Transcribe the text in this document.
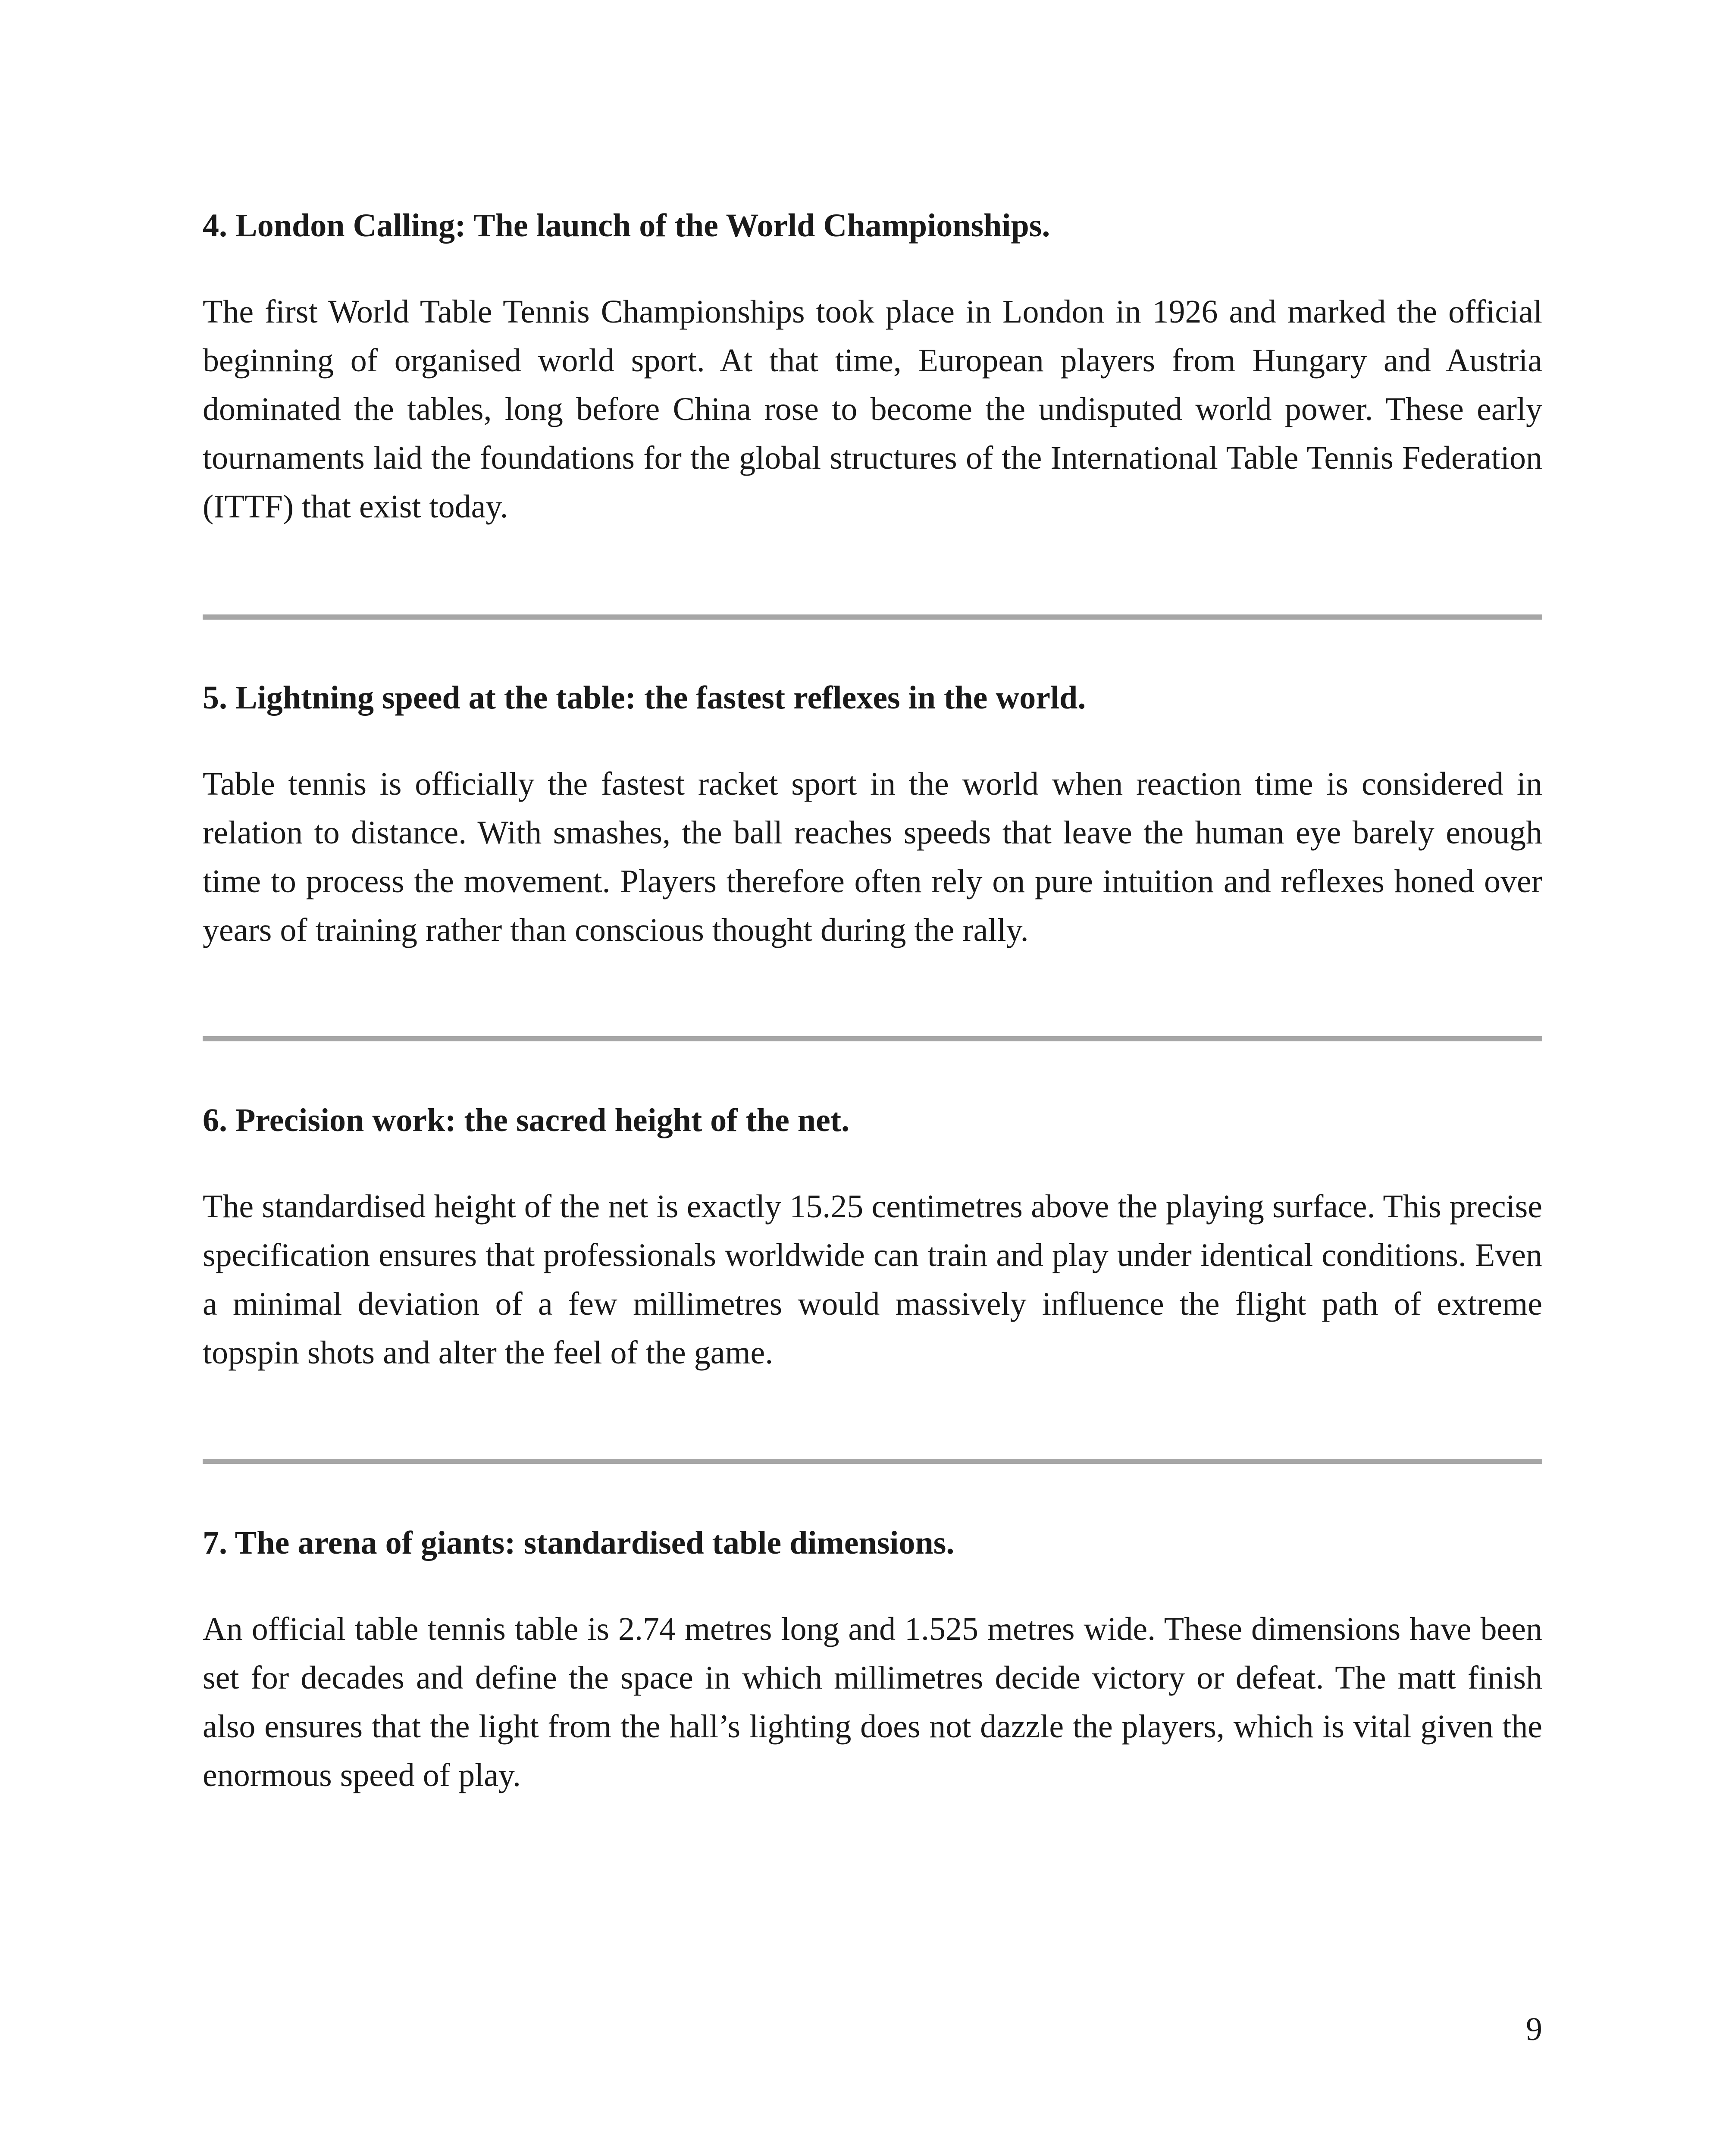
4. London Calling: The launch of the World Championships.

The first World Table Tennis Championships took place in London in 1926 and marked the official beginning of organised world sport. At that time, European players from Hungary and Austria dominated the tables, long before China rose to become the undisputed world power. These early tournaments laid the foundations for the global structures of the International Table Tennis Federation (ITTF) that exist today.

5. Lightning speed at the table: the fastest reflexes in the world.

Table tennis is officially the fastest racket sport in the world when reaction time is considered in relation to distance. With smashes, the ball reaches speeds that leave the human eye barely enough time to process the movement. Players therefore often rely on pure intuition and reflexes honed over years of training rather than conscious thought during the rally.

6. Precision work: the sacred height of the net.

The standardised height of the net is exactly 15.25 centimetres above the playing surface. This precise specification ensures that professionals worldwide can train and play under identical conditions. Even a minimal deviation of a few millimetres would massively influence the flight path of extreme topspin shots and alter the feel of the game.

7. The arena of giants: standardised table dimensions.

An official table tennis table is 2.74 metres long and 1.525 metres wide. These dimensions have been set for decades and define the space in which millimetres decide victory or defeat. The matt finish also ensures that the light from the hall’s lighting does not dazzle the players, which is vital given the enormous speed of play.

9
